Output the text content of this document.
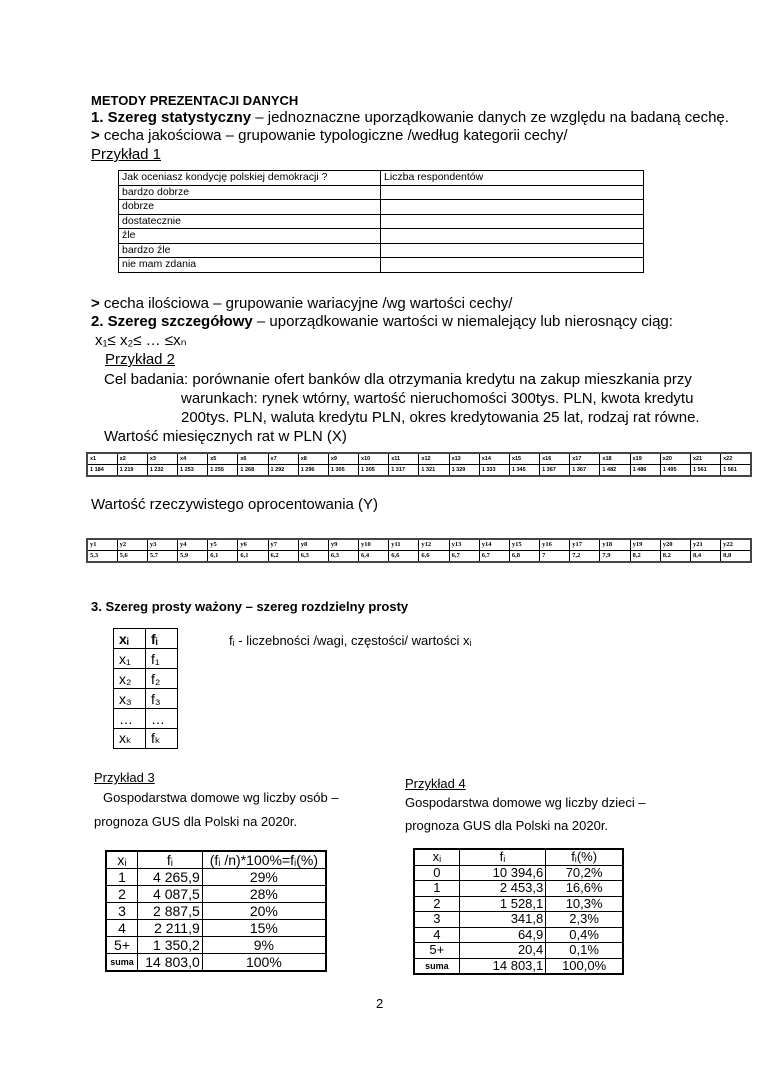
METODY PREZENTACJI DANYCH
1. Szereg statystyczny – jednoznaczne uporządkowanie danych ze względu na badaną cechę.
> cecha jakościowa – grupowanie typologiczne /według kategorii cechy/
Przykład 1
Jak oceniasz kondycję polskiej demokracji ?	Liczba respondentów
bardzo dobrze	
dobrze	
dostatecznie	
źle	
bardzo źle	
nie mam zdania	
> cecha ilościowa – grupowanie wariacyjne /wg wartości cechy/
2. Szereg szczegółowy – uporządkowanie wartości w niemalejący lub nierosnący ciąg:
x₁≤ x₂≤ … ≤xₙ
Przykład 2
Cel badania: porównanie ofert banków dla otrzymania kredytu na zakup mieszkania przy
warunkach: rynek wtórny, wartość nieruchomości 300tys. PLN, kwota kredytu
200tys. PLN, waluta kredytu PLN, okres kredytowania 25 lat, rodzaj rat równe.
Wartość miesięcznych rat w PLN (X)
x1	x2	x3	x4	x5	x6	x7	x8	x9	x10	x11	x12	x13	x14	x15	x16	x17	x18	x19	x20	x21	x22
1 184	1 219	1 232	1 253	1 255	1 268	1 292	1 296	1 305	1 305	1 317	1 321	1 329	1 333	1 345	1 367	1 367	1 482	1 486	1 495	1 561	1 561
Wartość rzeczywistego oprocentowania (Y)
y1	y2	y3	y4	y5	y6	y7	y8	y9	y10	y11	y12	y13	y14	y15	y16	y17	y18	y19	y20	y21	y22
5,3	5,6	5,7	5,9	6,1	6,1	6,2	6,3	6,3	6,4	6,6	6,6	6,7	6,7	6,8	7	7,2	7,9	8,2	8,2	8,4	8,8
3. Szereg prosty ważony – szereg rozdzielny prosty
xᵢ	fᵢ
x₁	f₁
x₂	f₂
x₃	f₃
…	…
xₖ	fₖ
fᵢ - liczebności /wagi, częstości/ wartości xᵢ
Przykład 3
Gospodarstwa domowe wg liczby osób –
prognoza GUS dla Polski na 2020r.
xᵢ	fᵢ	(fᵢ /n)*100%=fᵢ(%)
1	4 265,9	29%
2	4 087,5	28%
3	2 887,5	20%
4	2 211,9	15%
5+	1 350,2	9%
suma	14 803,0	100%
Przykład 4
Gospodarstwa domowe wg liczby dzieci –
prognoza GUS dla Polski na 2020r.
xᵢ	fᵢ	fᵢ(%)
0	10 394,6	70,2%
1	2 453,3	16,6%
2	1 528,1	10,3%
3	341,8	2,3%
4	64,9	0,4%
5+	20,4	0,1%
suma	14 803,1	100,0%
2
